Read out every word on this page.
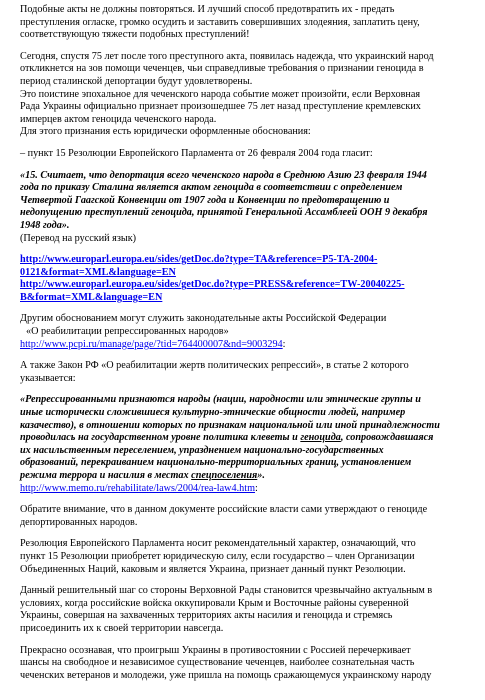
Подобные акты не должны повторяться. И лучший способ предотвратить их - предать
преступления огласке, громко осудить и заставить совершивших злодеяния, заплатить цену,
соответствующую тяжести подобных преступлений!

Сегодня, спустя 75 лет после того преступного акта, появилась надежда, что украинский народ
откликнется на зов помощи чеченцев, чьи справедливые требования о признании геноцида в
период сталинской депортации будут удовлетворены.
Это поистине эпохальное для чеченского народа событие может произойти, если Верховная
Рада Украины официально признает произошедшее 75 лет назад преступление кремлевских
имперцев актом геноцида чеченского народа.
Для этого признания есть юридически оформленные обоснования:

– пункт 15 Резолюции Европейского Парламента от 26 февраля 2004 года гласит:

«15. Считает, что депортация всего чеченского народа в Среднюю Азию 23 февраля 1944
года по приказу Сталина является актом геноцида в соответствии с определением
Четвертой Гаагской Конвенции от 1907 года и Конвенции по предотвращению и
недопущению преступлений геноцида, принятой Генеральной Ассамблеей ООН 9 декабря
1948 года».
(Перевод на русский язык)

http://www.europarl.europa.eu/sides/getDoc.do?type=TA&reference=P5-TA-2004-
0121&format=XML&language=EN
http://www.europarl.europa.eu/sides/getDoc.do?type=PRESS&reference=TW-20040225-
B&format=XML&language=EN

Другим обоснованием могут служить законодательные акты Российской Федерации
«О реабилитации репрессированных народов»
http://www.pcpi.ru/manage/page/?tid=764400007&nd=9003294:

А также Закон РФ «О реабилитации жертв политических репрессий», в статье 2 которого
указывается:

«Репрессированными признаются народы (нации, народности или этнические группы и
иные исторически сложившиеся культурно-этнические общности людей, например
казачество), в отношении которых по признакам национальной или иной принадлежности
проводилась на государственном уровне политика клеветы и геноцида, сопровождавшаяся
их насильственным переселением, упразднением национально-государственных
образований, перекраиванием национально-территориальных границ, установлением
режима террора и насилия в местах спецпоселения».
http://www.memo.ru/rehabilitate/laws/2004/rea-law4.htm:

Обратите внимание, что в данном документе российские власти сами утверждают о геноциде
депортированных народов.

Резолюция Европейского Парламента носит рекомендательный характер, означающий, что
пункт 15 Резолюции приобретет юридическую силу, если государство – член Организации
Объединенных Наций, каковым и является Украина, признает данный пункт Резолюции.

Данный решительный шаг со стороны Верховной Рады становится чрезвычайно актуальным в
условиях, когда российские войска оккупировали Крым и Восточные районы суверенной
Украины, совершая на захваченных территориях акты насилия и геноцида и стремясь
присоединить их к своей территории навсегда.

Прекрасно осознавая, что проигрыш Украины в противостоянии с Россией перечеркивает
шансы на свободное и независимое существование чеченцев, наиболее сознательная часть
чеченских ветеранов и молодежи, уже пришла на помощь сражающемуся украинскому народу
